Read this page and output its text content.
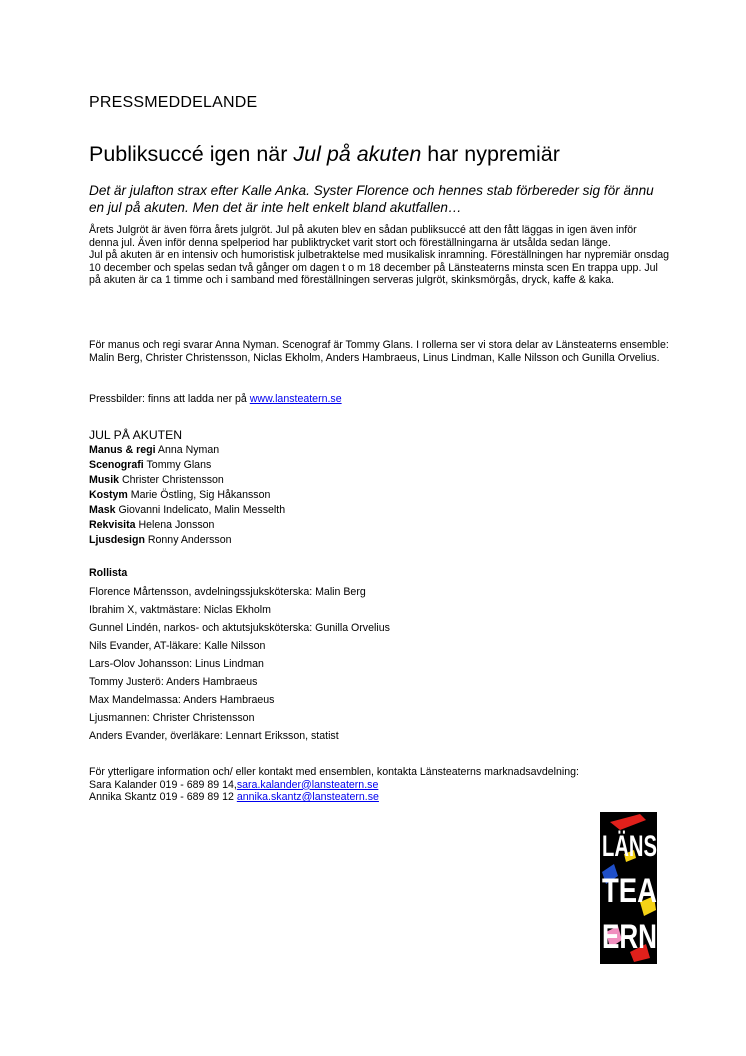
PRESSMEDDELANDE
Publiksuccé igen när Jul på akuten har nypremiär
Det är julafton strax efter Kalle Anka. Syster Florence och hennes stab förbereder sig för ännu en jul på akuten. Men det är inte helt enkelt bland akutfallen…
Årets Julgröt är även förra årets julgröt. Jul på akuten blev en sådan publiksuccé att den fått läggas in igen även inför denna jul. Även inför denna spelperiod har publiktrycket varit stort och föreställningarna är utsålda sedan länge.
Jul på akuten är en intensiv och humoristisk julbetraktelse med musikalisk inramning. Föreställningen har nypremiär onsdag 10 december och spelas sedan två gånger om dagen t o m 18 december på Länsteaterns minsta scen En trappa upp. Jul på akuten är ca 1 timme och i samband med föreställningen serveras julgröt, skinksmörgås, dryck, kaffe & kaka.
För manus och regi svarar Anna Nyman. Scenograf är Tommy Glans. I rollerna ser vi stora delar av Länsteaterns ensemble: Malin Berg, Christer Christensson, Niclas Ekholm, Anders Hambraeus, Linus Lindman, Kalle Nilsson och Gunilla Orvelius.
Pressbilder: finns att ladda ner på www.lansteatern.se
JUL PÅ AKUTEN
Manus & regi Anna Nyman
Scenografi Tommy Glans
Musik Christer Christensson
Kostym Marie Östling, Sig Håkansson
Mask Giovanni Indelicato, Malin Messelth
Rekvisita Helena Jonsson
Ljusdesign Ronny Andersson
Rollista
Florence Mårtensson, avdelningssjuksköterska: Malin Berg
Ibrahim X, vaktmästare: Niclas Ekholm
Gunnel Lindén, narkos- och aktutsjuksköterska: Gunilla Orvelius
Nils Evander, AT-läkare: Kalle Nilsson
Lars-Olov Johansson: Linus Lindman
Tommy Justerö: Anders Hambraeus
Max Mandelmassa: Anders Hambraeus
Ljusmannen: Christer Christensson
Anders Evander, överläkare: Lennart Eriksson, statist
För ytterligare information och/ eller kontakt med ensemblen, kontakta Länsteaterns marknadsavdelning:
Sara Kalander 019 - 689 89 14,sara.kalander@lansteatern.se
Annika Skantz 019 - 689 89 12 annika.skantz@lansteatern.se
LÄNS
TEA
ERN
